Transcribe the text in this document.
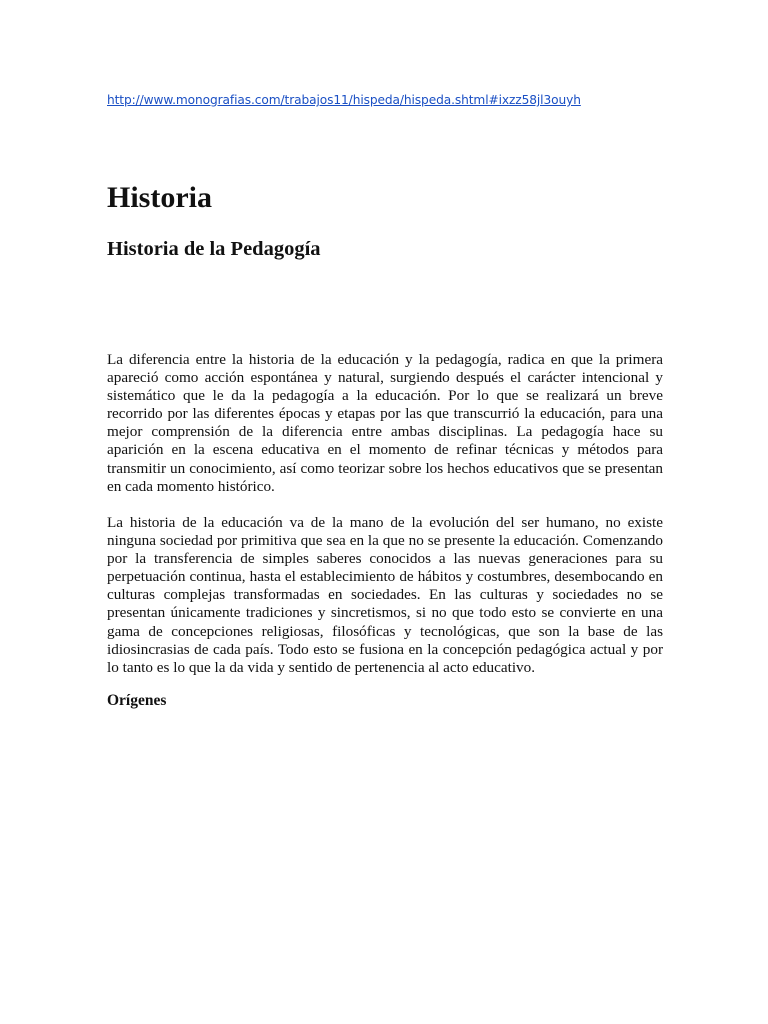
http://www.monografias.com/trabajos11/hispeda/hispeda.shtml#ixzz58jl3ouyh
Historia
Historia de la Pedagogía

La diferencia entre la historia de la educación y la pedagogía, radica en que la primera apareció como acción espontánea y natural, surgiendo después el carácter intencional y sistemático que le da la pedagogía a la educación. Por lo que se realizará un breve recorrido por las diferentes épocas y etapas por las que transcurrió la educación, para una mejor comprensión de la diferencia entre ambas disciplinas. La pedagogía hace su aparición en la escena educativa en el momento de refinar técnicas y métodos para transmitir un conocimiento, así como teorizar sobre los hechos educativos que se presentan en cada momento histórico.

La historia de la educación va de la mano de la evolución del ser humano, no existe ninguna sociedad por primitiva que sea en la que no se presente la educación. Comenzando por la transferencia de simples saberes conocidos a las nuevas generaciones para su perpetuación continua, hasta el establecimiento de hábitos y costumbres, desembocando en culturas complejas transformadas en sociedades. En las culturas y sociedades no se presentan únicamente tradiciones y sincretismos, si no que todo esto se convierte en una gama de concepciones religiosas, filosóficas y tecnológicas, que son la base de las idiosincrasias de cada país. Todo esto se fusiona en la concepción pedagógica actual y por lo tanto es lo que la da vida y sentido de pertenencia al acto educativo.

Orígenes
